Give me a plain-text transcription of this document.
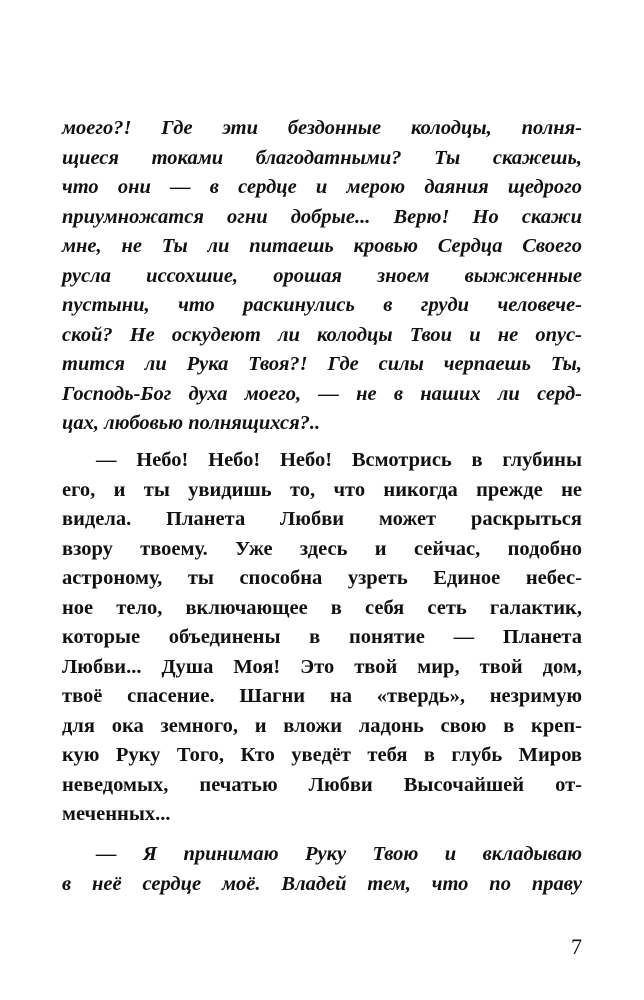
моего?! Где эти бездонные колодцы, полня-
щиеся токами благодатными? Ты скажешь,
что они — в сердце и мерою даяния щедрого
приумножатся огни добрые... Верю! Но скажи
мне, не Ты ли питаешь кровью Сердца Своего
русла иссохшие, орошая зноем выжженные
пустыни, что раскинулись в груди человече-
ской? Не оскудеют ли колодцы Твои и не опус-
тится ли Рука Твоя?! Где силы черпаешь Ты,
Господь-Бог духа моего, — не в наших ли серд-
цах, любовью полнящихся?..
— Небо! Небо! Небо! Всмотрись в глубины
его, и ты увидишь то, что никогда прежде не
видела. Планета Любви может раскрыться
взору твоему. Уже здесь и сейчас, подобно
астроному, ты способна узреть Единое небес-
ное тело, включающее в себя сеть галактик,
которые объединены в понятие — Планета
Любви... Душа Моя! Это твой мир, твой дом,
твоё спасение. Шагни на «твердь», незримую
для ока земного, и вложи ладонь свою в креп-
кую Руку Того, Кто уведёт тебя в глубь Миров
неведомых, печатью Любви Высочайшей от-
меченных...
— Я принимаю Руку Твою и вкладываю
в неё сердце моё. Владей тем, что по праву
7
